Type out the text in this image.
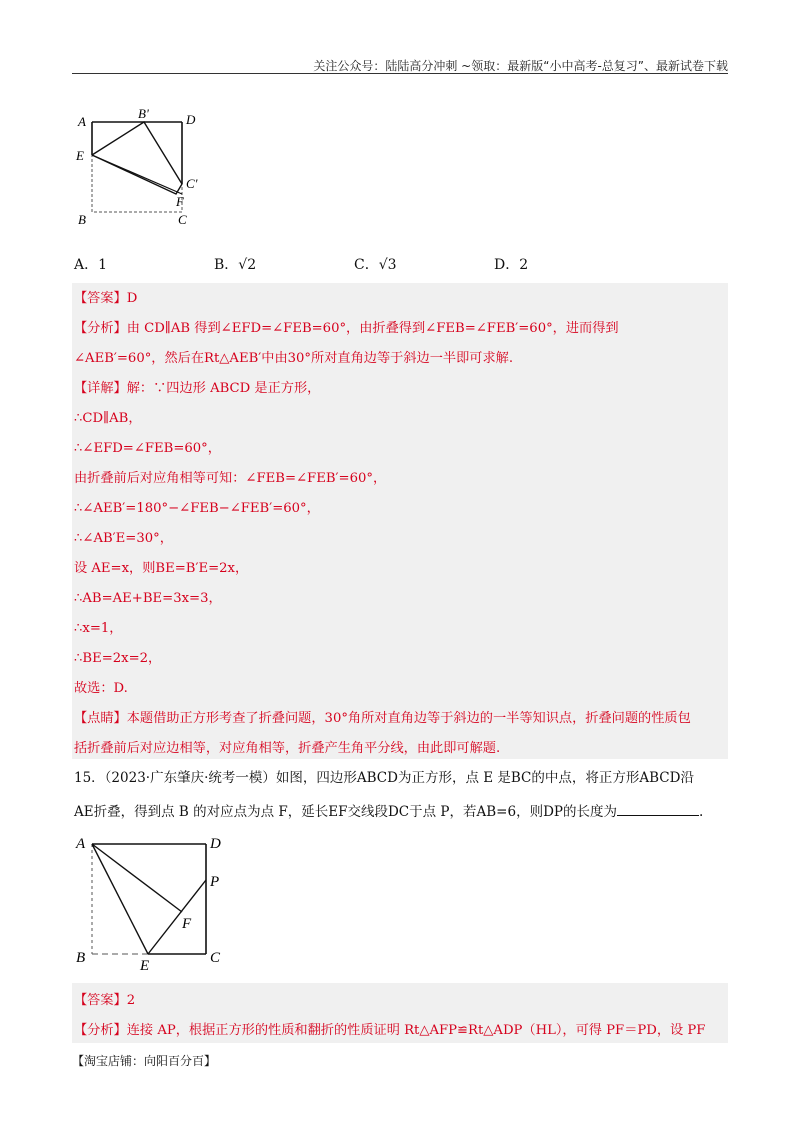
关注公众号：陆陆高分冲刺 ~领取：最新版“小中高考-总复习”、最新试卷下载
A
B'	D
E
C'
F
B	C
A．1	B．√2	C．√3	D．2
【答案】D
【分析】由 CD∥AB 得到∠EFD=∠FEB=60°，由折叠得到∠FEB=∠FEB′=60°，进而得到
∠AEB′=60°，然后在Rt△AEB′中由30°所对直角边等于斜边一半即可求解.
【详解】解：∵四边形 ABCD 是正方形，
∴CD∥AB，
∴∠EFD=∠FEB=60°，
由折叠前后对应角相等可知：∠FEB=∠FEB′=60°，
∴∠AEB′=180°−∠FEB−∠FEB′=60°，
∴∠AB′E=30°，
设 AE=x，则BE=B′E=2x，
∴AB=AE+BE=3x=3，
∴x=1，
∴BE=2x=2，
故选：D.
【点睛】本题借助正方形考查了折叠问题，30°角所对直角边等于斜边的一半等知识点，折叠问题的性质包
括折叠前后对应边相等，对应角相等，折叠产生角平分线，由此即可解题.
15．（2023·广东肇庆·统考一模）如图，四边形ABCD为正方形，点 E 是BC的中点，将正方形ABCD沿
AE折叠，得到点 B 的对应点为点 F，延长EF交线段DC于点 P，若AB=6，则DP的长度为	.
A	D
P
F
B	E	C
【答案】2
【分析】连接 AP，根据正方形的性质和翻折的性质证明 Rt△AFP≌Rt△ADP（HL），可得 PF＝PD，设 PF
【淘宝店铺：向阳百分百】
